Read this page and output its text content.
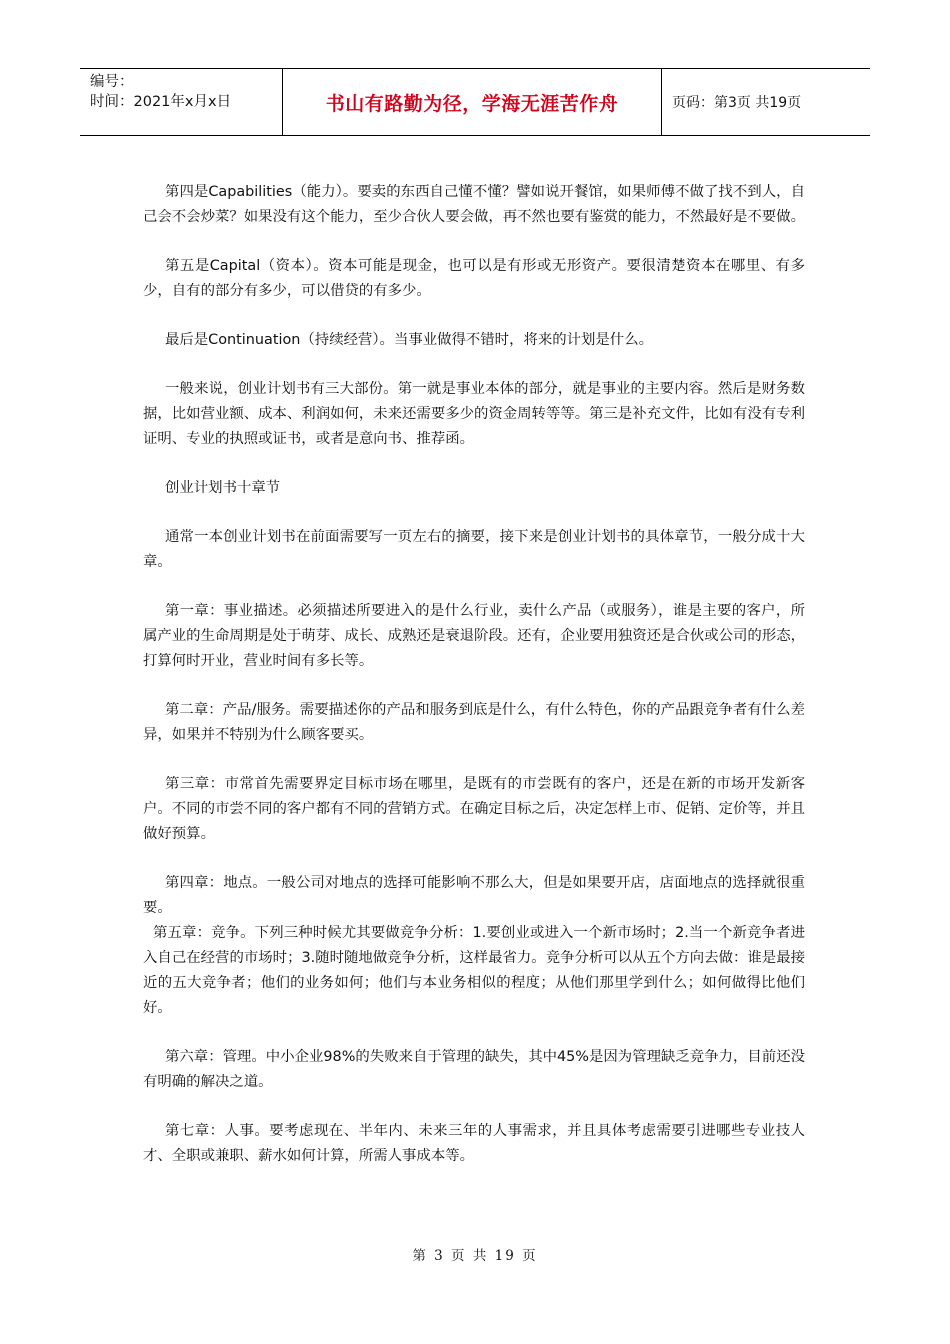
编号：
时间：2021年x月x日	书山有路勤为径，学海无涯苦作舟	页码：第3页 共19页

第四是Capabilities（能力）。要卖的东西自己懂不懂？譬如说开餐馆，如果师傅不做了找不到人，自己会不会炒菜？如果没有这个能力，至少合伙人要会做，再不然也要有鉴赏的能力，不然最好是不要做。

第五是Capital（资本）。资本可能是现金，也可以是有形或无形资产。要很清楚资本在哪里、有多少，自有的部分有多少，可以借贷的有多少。

最后是Continuation（持续经营）。当事业做得不错时，将来的计划是什么。

一般来说，创业计划书有三大部份。第一就是事业本体的部分，就是事业的主要内容。然后是财务数据，比如营业额、成本、利润如何，未来还需要多少的资金周转等等。第三是补充文件，比如有没有专利证明、专业的执照或证书，或者是意向书、推荐函。

创业计划书十章节

通常一本创业计划书在前面需要写一页左右的摘要，接下来是创业计划书的具体章节，一般分成十大章。

第一章：事业描述。必须描述所要进入的是什么行业，卖什么产品（或服务），谁是主要的客户，所属产业的生命周期是处于萌芽、成长、成熟还是衰退阶段。还有，企业要用独资还是合伙或公司的形态，打算何时开业，营业时间有多长等。

第二章：产品/服务。需要描述你的产品和服务到底是什么，有什么特色，你的产品跟竞争者有什么差异，如果并不特别为什么顾客要买。

第三章：市常首先需要界定目标市场在哪里，是既有的市尝既有的客户，还是在新的市场开发新客户。不同的市尝不同的客户都有不同的营销方式。在确定目标之后，决定怎样上市、促销、定价等，并且做好预算。

第四章：地点。一般公司对地点的选择可能影响不那么大，但是如果要开店，店面地点的选择就很重要。

第五章：竞争。下列三种时候尤其要做竞争分析：1.要创业或进入一个新市场时；2.当一个新竞争者进入自己在经营的市场时；3.随时随地做竞争分析，这样最省力。竞争分析可以从五个方向去做：谁是最接近的五大竞争者；他们的业务如何；他们与本业务相似的程度；从他们那里学到什么；如何做得比他们好。

第六章：管理。中小企业98%的失败来自于管理的缺失，其中45%是因为管理缺乏竞争力，目前还没有明确的解决之道。

第七章：人事。要考虑现在、半年内、未来三年的人事需求，并且具体考虑需要引进哪些专业技人才、全职或兼职、薪水如何计算，所需人事成本等。

第 3 页 共 19 页
